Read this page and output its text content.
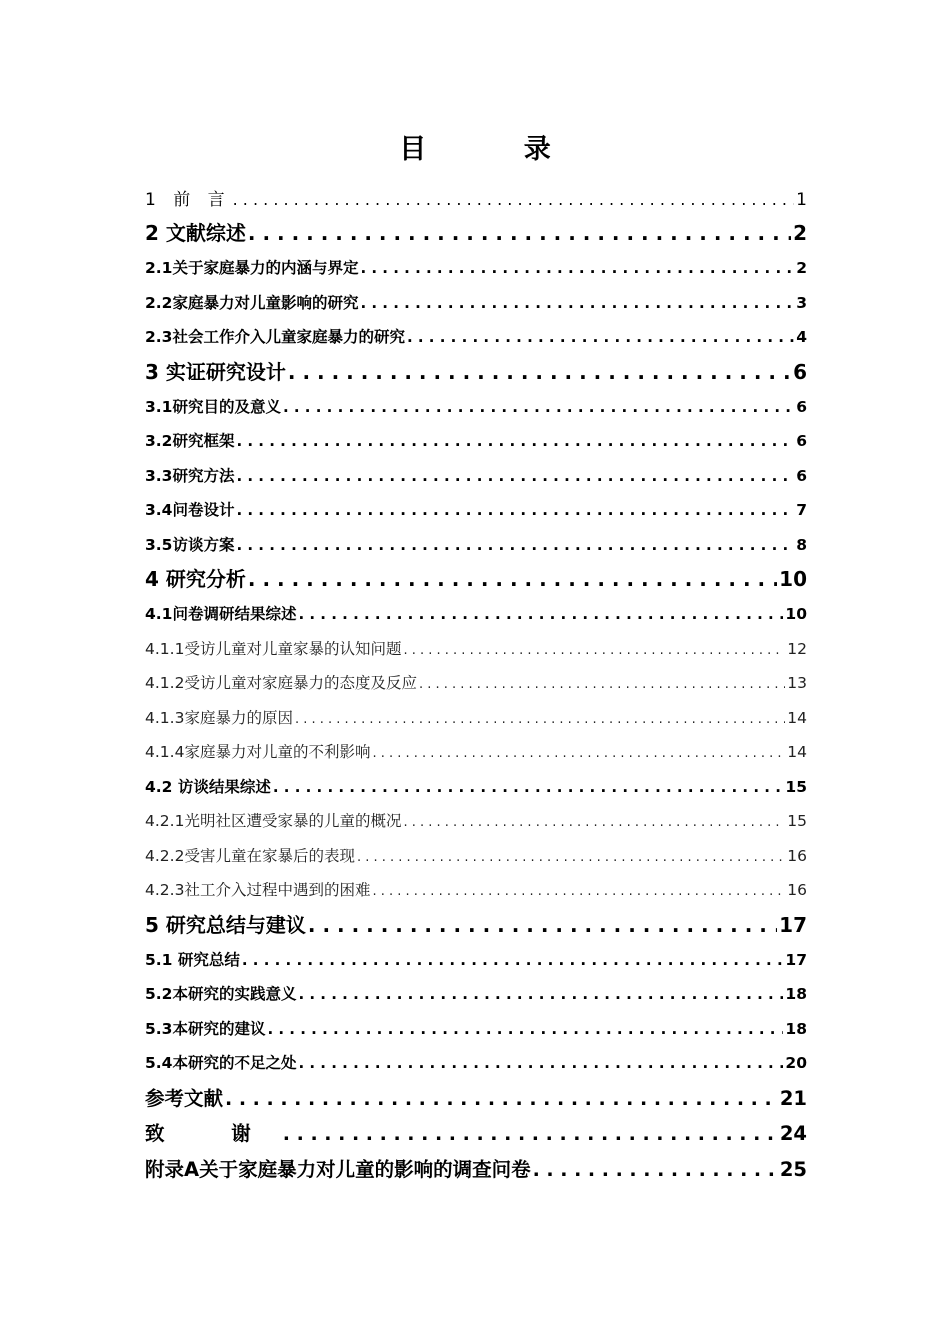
目 录
1 前 言 . . .	1
2 文献综述 . . .	2
2.1关于家庭暴力的内涵与界定 . . .	2
2.2家庭暴力对儿童影响的研究 . . .	3
2.3社会工作介入儿童家庭暴力的研究 . . .	4
3 实证研究设计 . . .	6
3.1研究目的及意义 . . .	6
3.2研究框架 . . .	6
3.3研究方法 . . .	6
3.4问卷设计 . . .	7
3.5访谈方案 . . .	8
4 研究分析 . . .	10
4.1问卷调研结果综述 . . .	10
4.1.1受访儿童对儿童家暴的认知问题 . . .	12
4.1.2受访儿童对家庭暴力的态度及反应 . . .	13
4.1.3家庭暴力的原因 . . .	14
4.1.4家庭暴力对儿童的不利影响 . . .	14
4.2 访谈结果综述 . . .	15
4.2.1光明社区遭受家暴的儿童的概况 . . .	15
4.2.2受害儿童在家暴后的表现 . . .	16
4.2.3社工介入过程中遇到的困难 . . .	16
5 研究总结与建议 . . .	17
5.1 研究总结 . . .	17
5.2本研究的实践意义 . . .	18
5.3本研究的建议 . . .	18
5.4本研究的不足之处 . . .	20
参考文献 . . .	21
致 谢 . . .	24
附录A关于家庭暴力对儿童的影响的调查问卷 . . .	25
